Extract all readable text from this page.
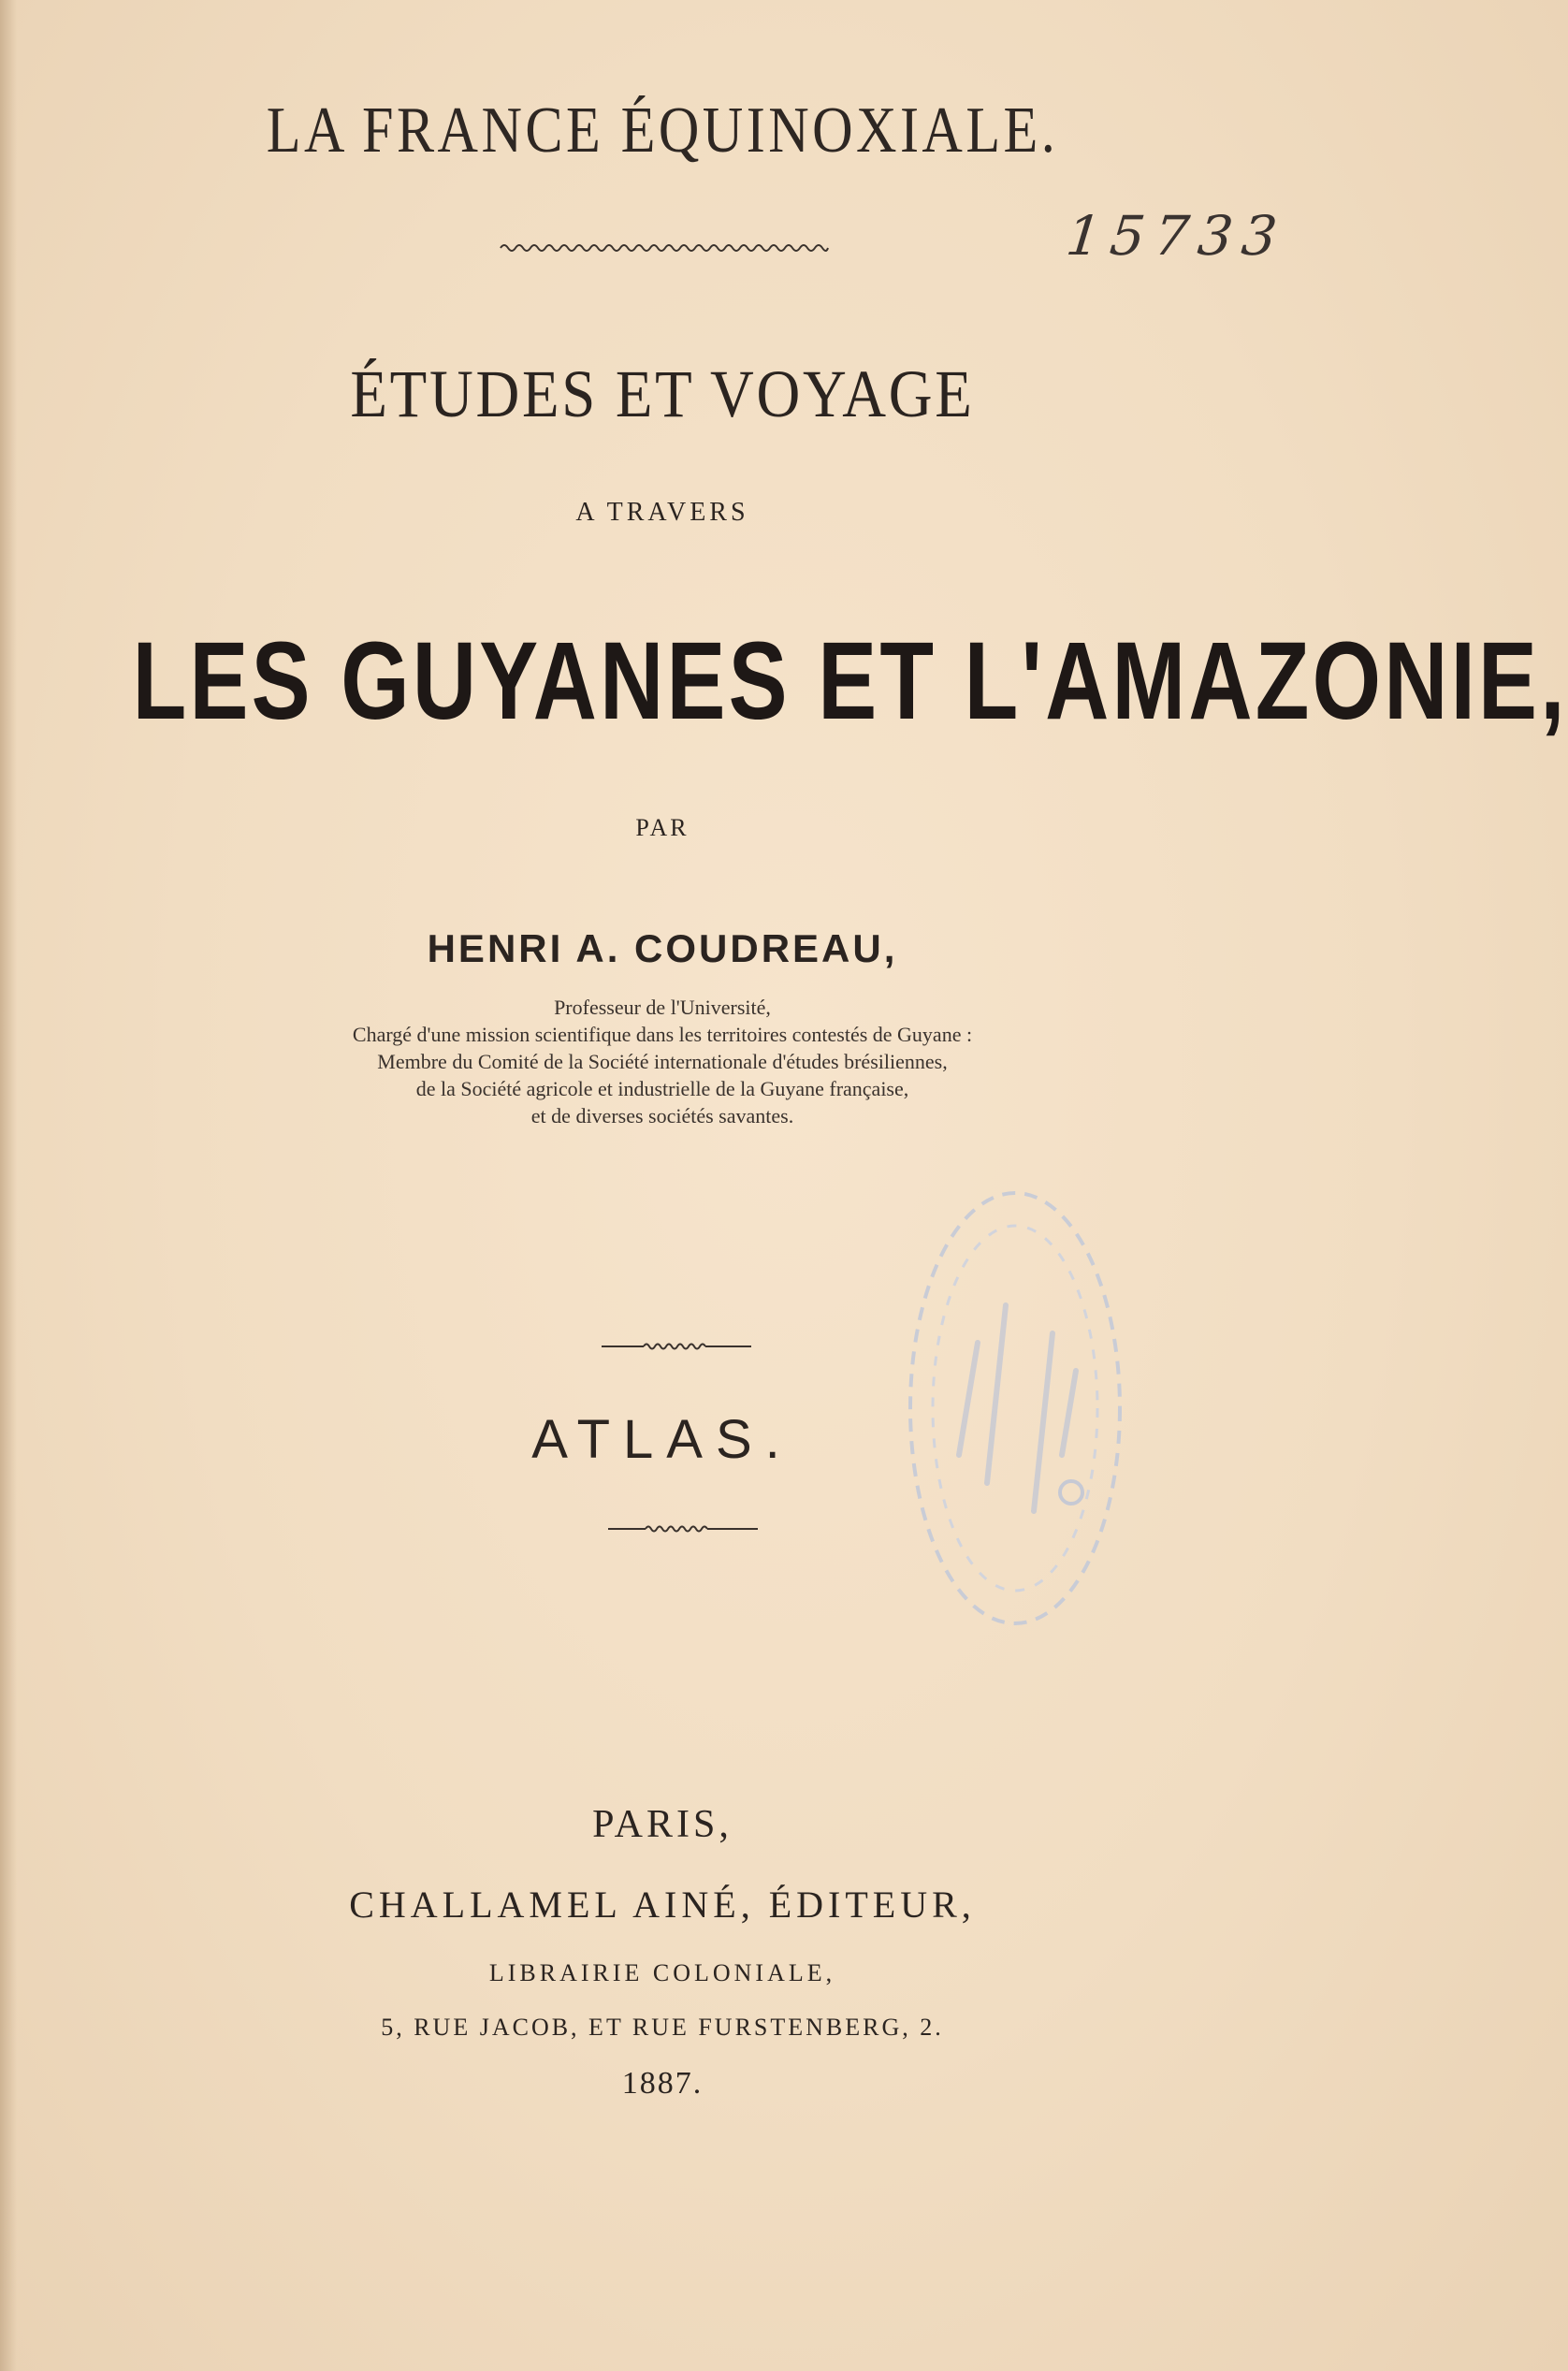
LA FRANCE ÉQUINOXIALE.
15733
ÉTUDES ET VOYAGE
A TRAVERS
LES GUYANES ET L'AMAZONIE,
PAR
HENRI A. COUDREAU,
Professeur de l'Université,
Chargé d'une mission scientifique dans les territoires contestés de Guyane :
Membre du Comité de la Société internationale d'études brésiliennes,
de la Société agricole et industrielle de la Guyane française,
et de diverses sociétés savantes.
ATLAS.
PARIS,
CHALLAMEL AINÉ, ÉDITEUR,
LIBRAIRIE COLONIALE,
5, RUE JACOB, ET RUE FURSTENBERG, 2.
1887.
